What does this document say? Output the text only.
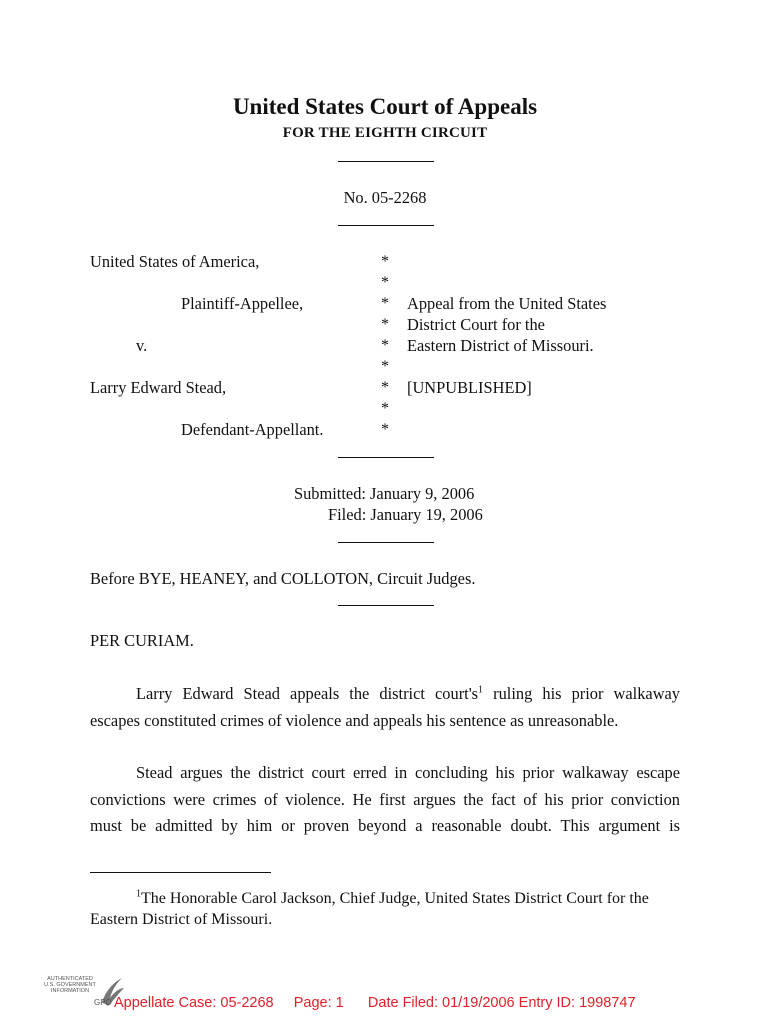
United States Court of Appeals
FOR THE EIGHTH CIRCUIT
No. 05-2268
United States of America,
Plaintiff-Appellee,
v.
Larry Edward Stead,
Defendant-Appellant.
*
*
*
*
*
*
*
*
*
Appeal from the United States
District Court for the
Eastern District of Missouri.
[UNPUBLISHED]
Submitted: January 9, 2006
Filed: January 19, 2006
Before BYE, HEANEY, and COLLOTON, Circuit Judges.
PER CURIAM.
Larry Edward Stead appeals the district $court's^1$ ruling his prior walkaway
escapes constituted crimes of violence and appeals his sentence as unreasonable.
Stead argues the district court erred in concluding his prior walkaway escape
convictions were crimes of violence. He first argues the fact of his prior conviction
must be admitted by him or proven beyond a reasonable doubt. This argument is
$^1$The Honorable Carol Jackson, Chief Judge, United States District Court for the
Eastern District of Missouri.
AUTHENTICATED
U.S. GOVERNMENT
INFORMATION
GPO Appellate Case: 05-2268     Page: 1      Date Filed: 01/19/2006 Entry ID: 1998747
